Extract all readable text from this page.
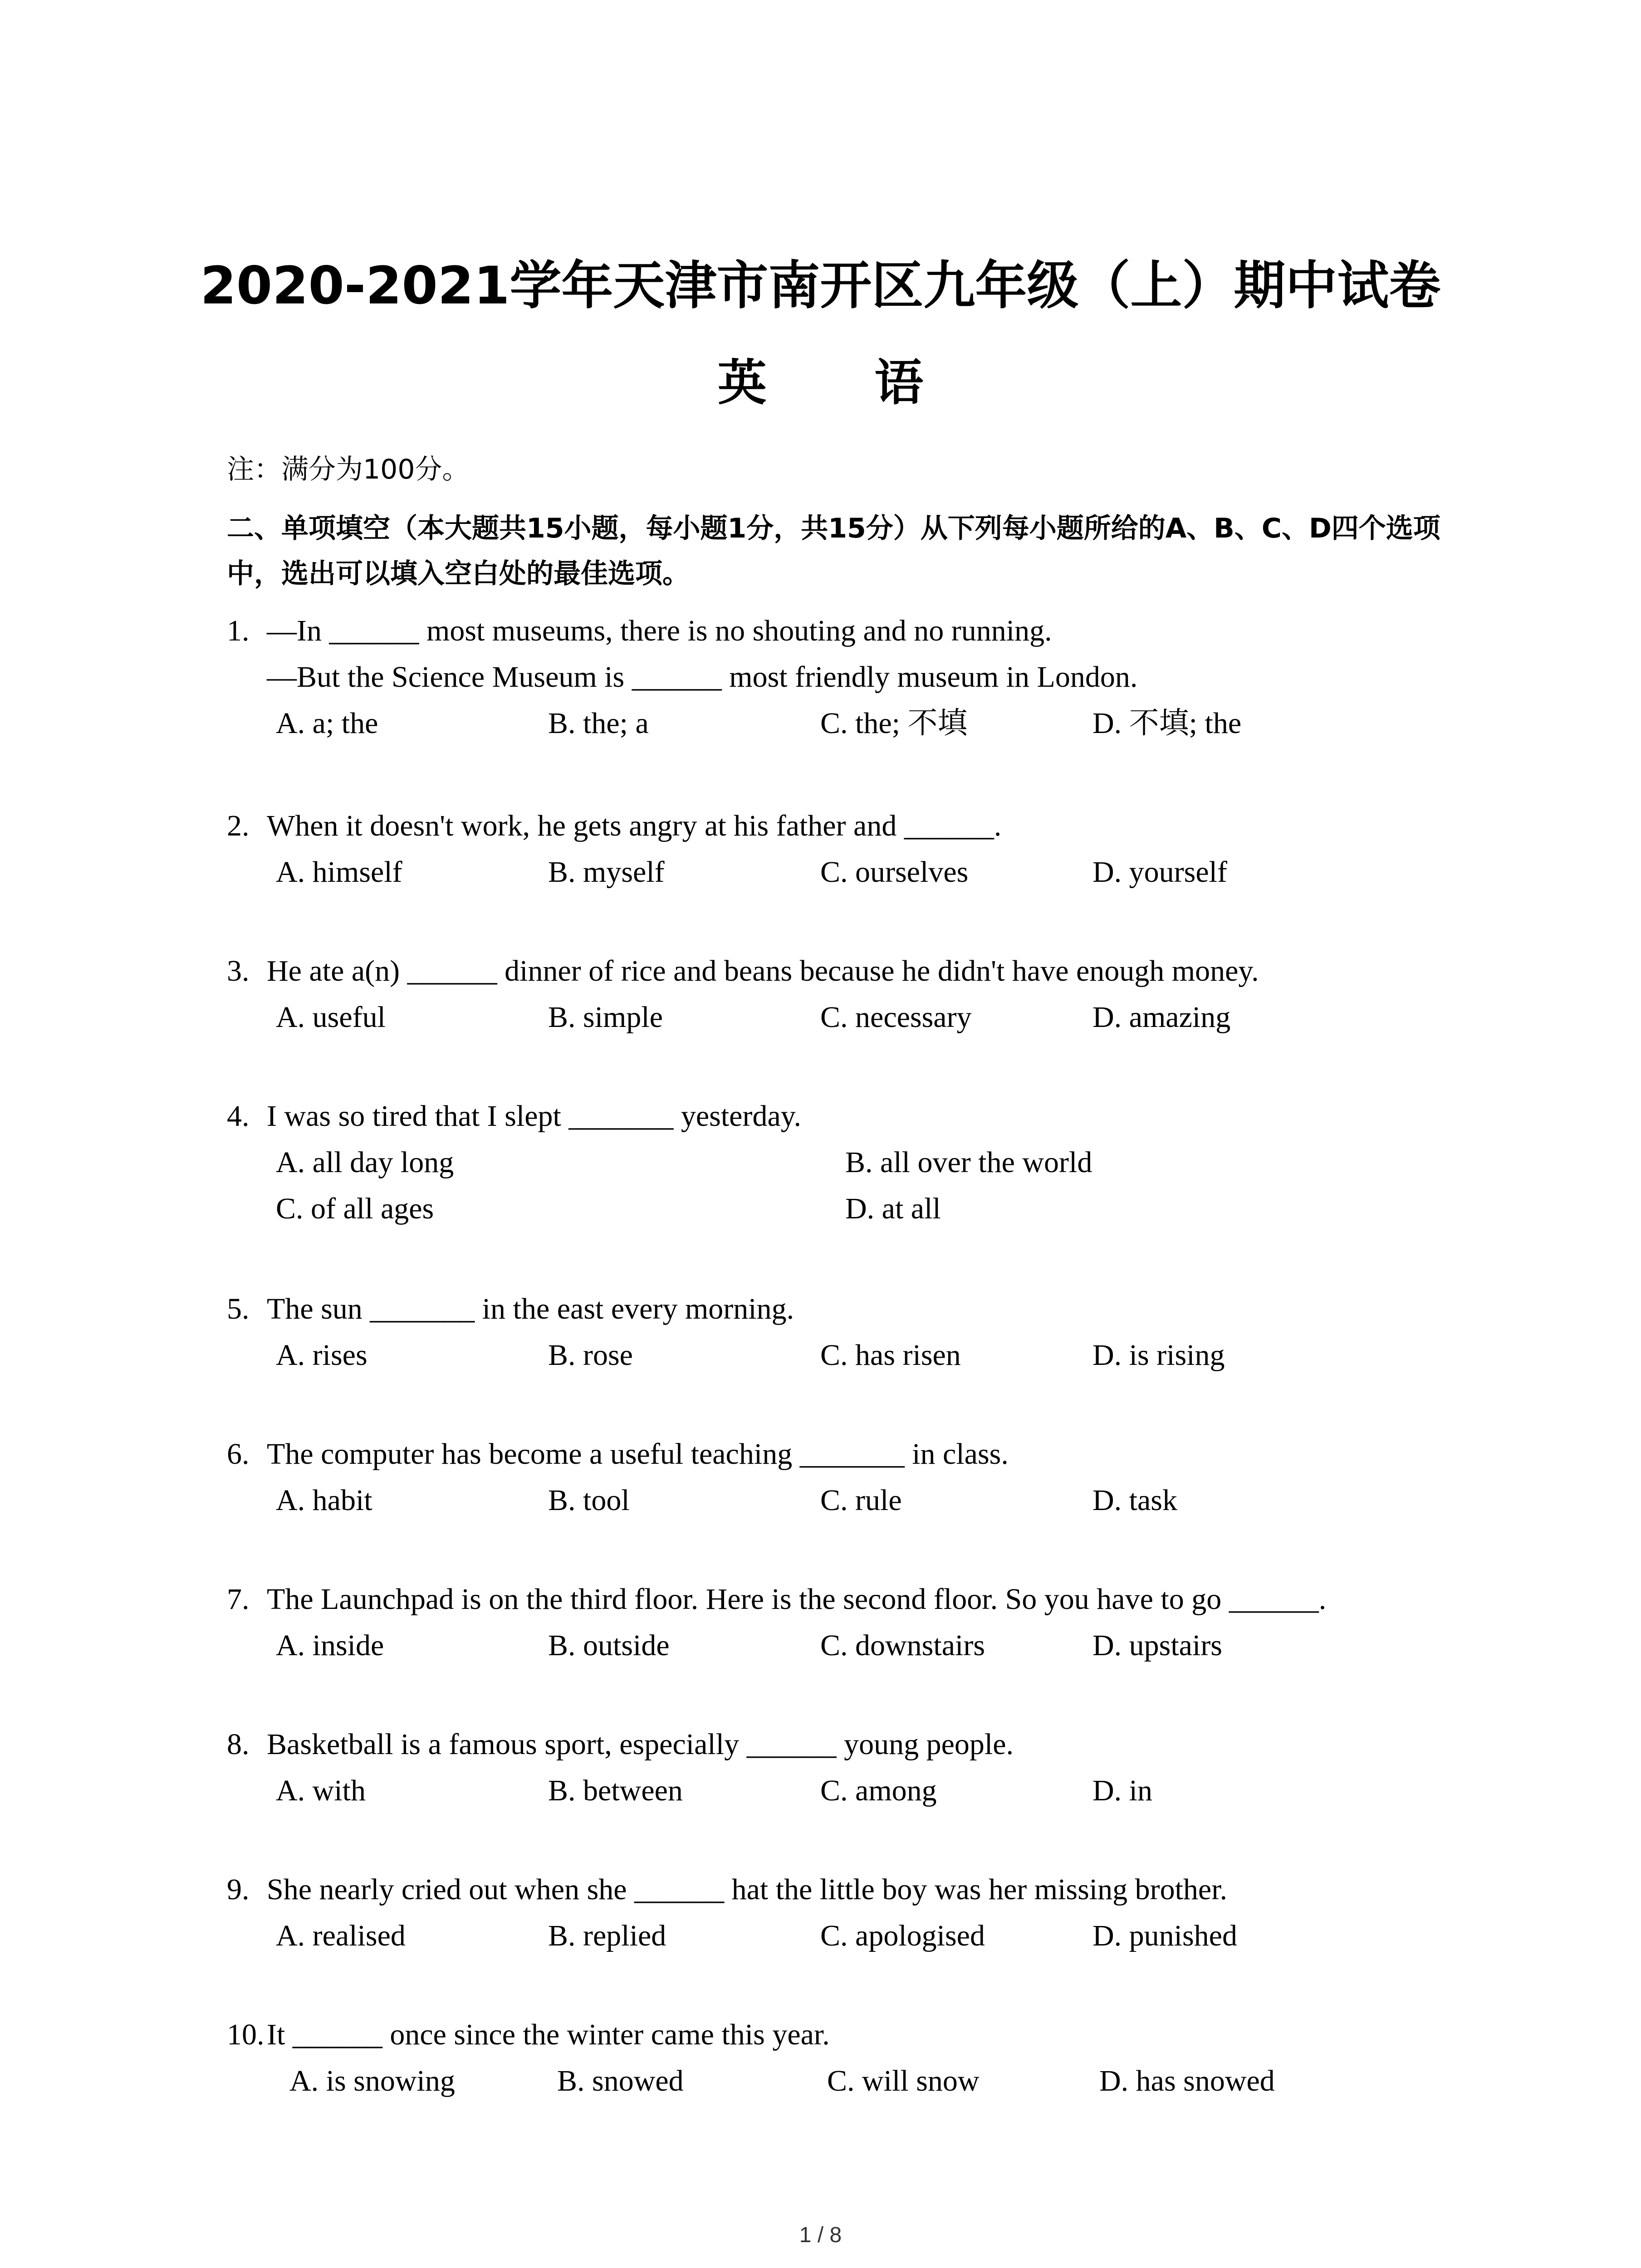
2020-2021学年天津市南开区九年级（上）期中试卷
英 语
注：满分为100分。
二、单项填空（本大题共15小题，每小题1分，共15分）从下列每小题所给的A、B、C、D四个选项中，选出可以填入空白处的最佳选项。
1. —In ______ most museums, there is no shouting and no running.
—But the Science Museum is ______ most friendly museum in London.
A. a; the	B. the; a	C. the; 不填	D. 不填; the
2. When it doesn't work, he gets angry at his father and ______.
A. himself	B. myself	C. ourselves	D. yourself
3. He ate a(n) ______ dinner of rice and beans because he didn't have enough money.
A. useful	B. simple	C. necessary	D. amazing
4. I was so tired that I slept _______ yesterday.
A. all day long	B. all over the world
C. of all ages	D. at all
5. The sun _______ in the east every morning.
A. rises	B. rose	C. has risen	D. is rising
6. The computer has become a useful teaching _______ in class.
A. habit	B. tool	C. rule	D. task
7. The Launchpad is on the third floor. Here is the second floor. So you have to go ______.
A. inside	B. outside	C. downstairs	D. upstairs
8. Basketball is a famous sport, especially ______ young people.
A. with	B. between	C. among	D. in
9. She nearly cried out when she ______ hat the little boy was her missing brother.
A. realised	B. replied	C. apologised	D. punished
10.It ______ once since the winter came this year.
A. is snowing	B. snowed	C. will snow	D. has snowed
1 / 8
